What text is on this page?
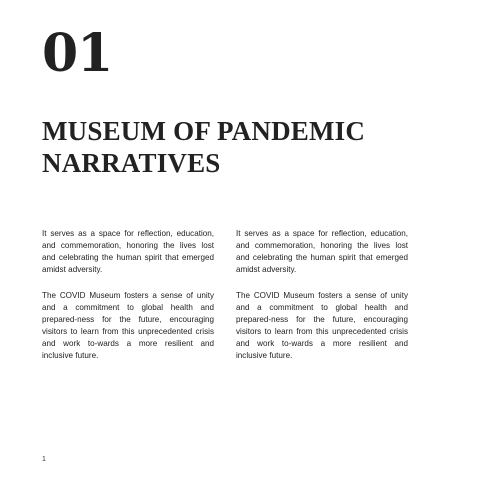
01
MUSEUM OF PANDEMIC
NARRATIVES

It serves as a space for reflection, education, and commemoration, honoring the lives lost and celebrating the human spirit that emerged amidst adversity.

The COVID Museum fosters a sense of unity and a commitment to global health and prepared-ness for the future, encouraging visitors to learn from this unprecedented crisis and work to-wards a more resilient and inclusive future.

It serves as a space for reflection, education, and commemoration, honoring the lives lost and celebrating the human spirit that emerged amidst adversity.

The COVID Museum fosters a sense of unity and a commitment to global health and prepared-ness for the future, encouraging visitors to learn from this unprecedented crisis and work to-wards a more resilient and inclusive future.

1
